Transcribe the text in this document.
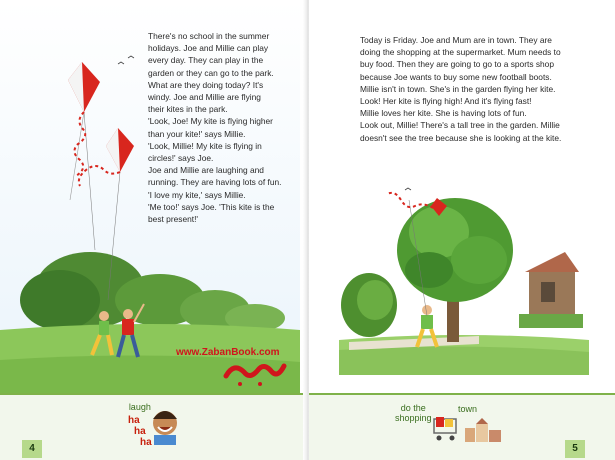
There's no school in the summer

holidays. Joe and Millie can play

every day. They can play in the

garden or they can go to the park.

What are they doing today? It's

windy. Joe and Millie are flying

their kites in the park.

'Look, Joe! My kite is flying higher

than your kite!' says Millie.

'Look, Millie! My kite is flying in

circles!' says Joe.

Joe and Millie are laughing and

running. They are having lots of fun.

'I love my kite,' says Millie.

'Me too!' says Joe. 'This kite is the

best present!'

www.ZabanBook.com
laugh
ha
ha
ha
4

Today is Friday. Joe and Mum are in town. They are

doing the shopping at the supermarket. Mum needs to

buy food. Then they are going to go to a sports shop

because Joe wants to buy some new football boots.

Millie isn't in town. She's in the garden flying her kite.

Look! Her kite is flying high! And it's flying fast!

Millie loves her kite. She is having lots of fun.

Look out, Millie! There's a tall tree in the garden. Millie

doesn't see the tree because she is looking at the kite.

do the
shopping
town
5
